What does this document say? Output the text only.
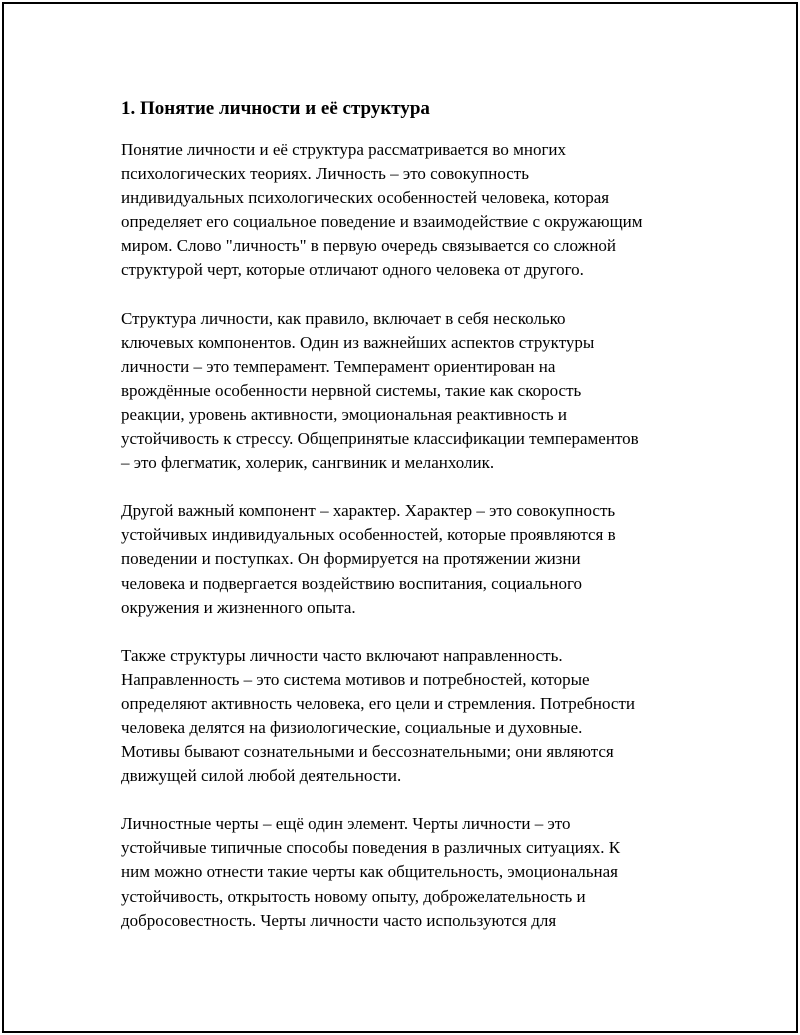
1. Понятие личности и её структура
Понятие личности и её структура рассматривается во многих
психологических теориях. Личность – это совокупность
индивидуальных психологических особенностей человека, которая
определяет его социальное поведение и взаимодействие с окружающим
миром. Слово "личность" в первую очередь связывается со сложной
структурой черт, которые отличают одного человека от другого.
Структура личности, как правило, включает в себя несколько
ключевых компонентов. Один из важнейших аспектов структуры
личности – это темперамент. Темперамент ориентирован на
врождённые особенности нервной системы, такие как скорость
реакции, уровень активности, эмоциональная реактивность и
устойчивость к стрессу. Общепринятые классификации темпераментов
– это флегматик, холерик, сангвиник и меланхолик.
Другой важный компонент – характер. Характер – это совокупность
устойчивых индивидуальных особенностей, которые проявляются в
поведении и поступках. Он формируется на протяжении жизни
человека и подвергается воздействию воспитания, социального
окружения и жизненного опыта.
Также структуры личности часто включают направленность.
Направленность – это система мотивов и потребностей, которые
определяют активность человека, его цели и стремления. Потребности
человека делятся на физиологические, социальные и духовные.
Мотивы бывают сознательными и бессознательными; они являются
движущей силой любой деятельности.
Личностные черты – ещё один элемент. Черты личности – это
устойчивые типичные способы поведения в различных ситуациях. К
ним можно отнести такие черты как общительность, эмоциональная
устойчивость, открытость новому опыту, доброжелательность и
добросовестность. Черты личности часто используются для
